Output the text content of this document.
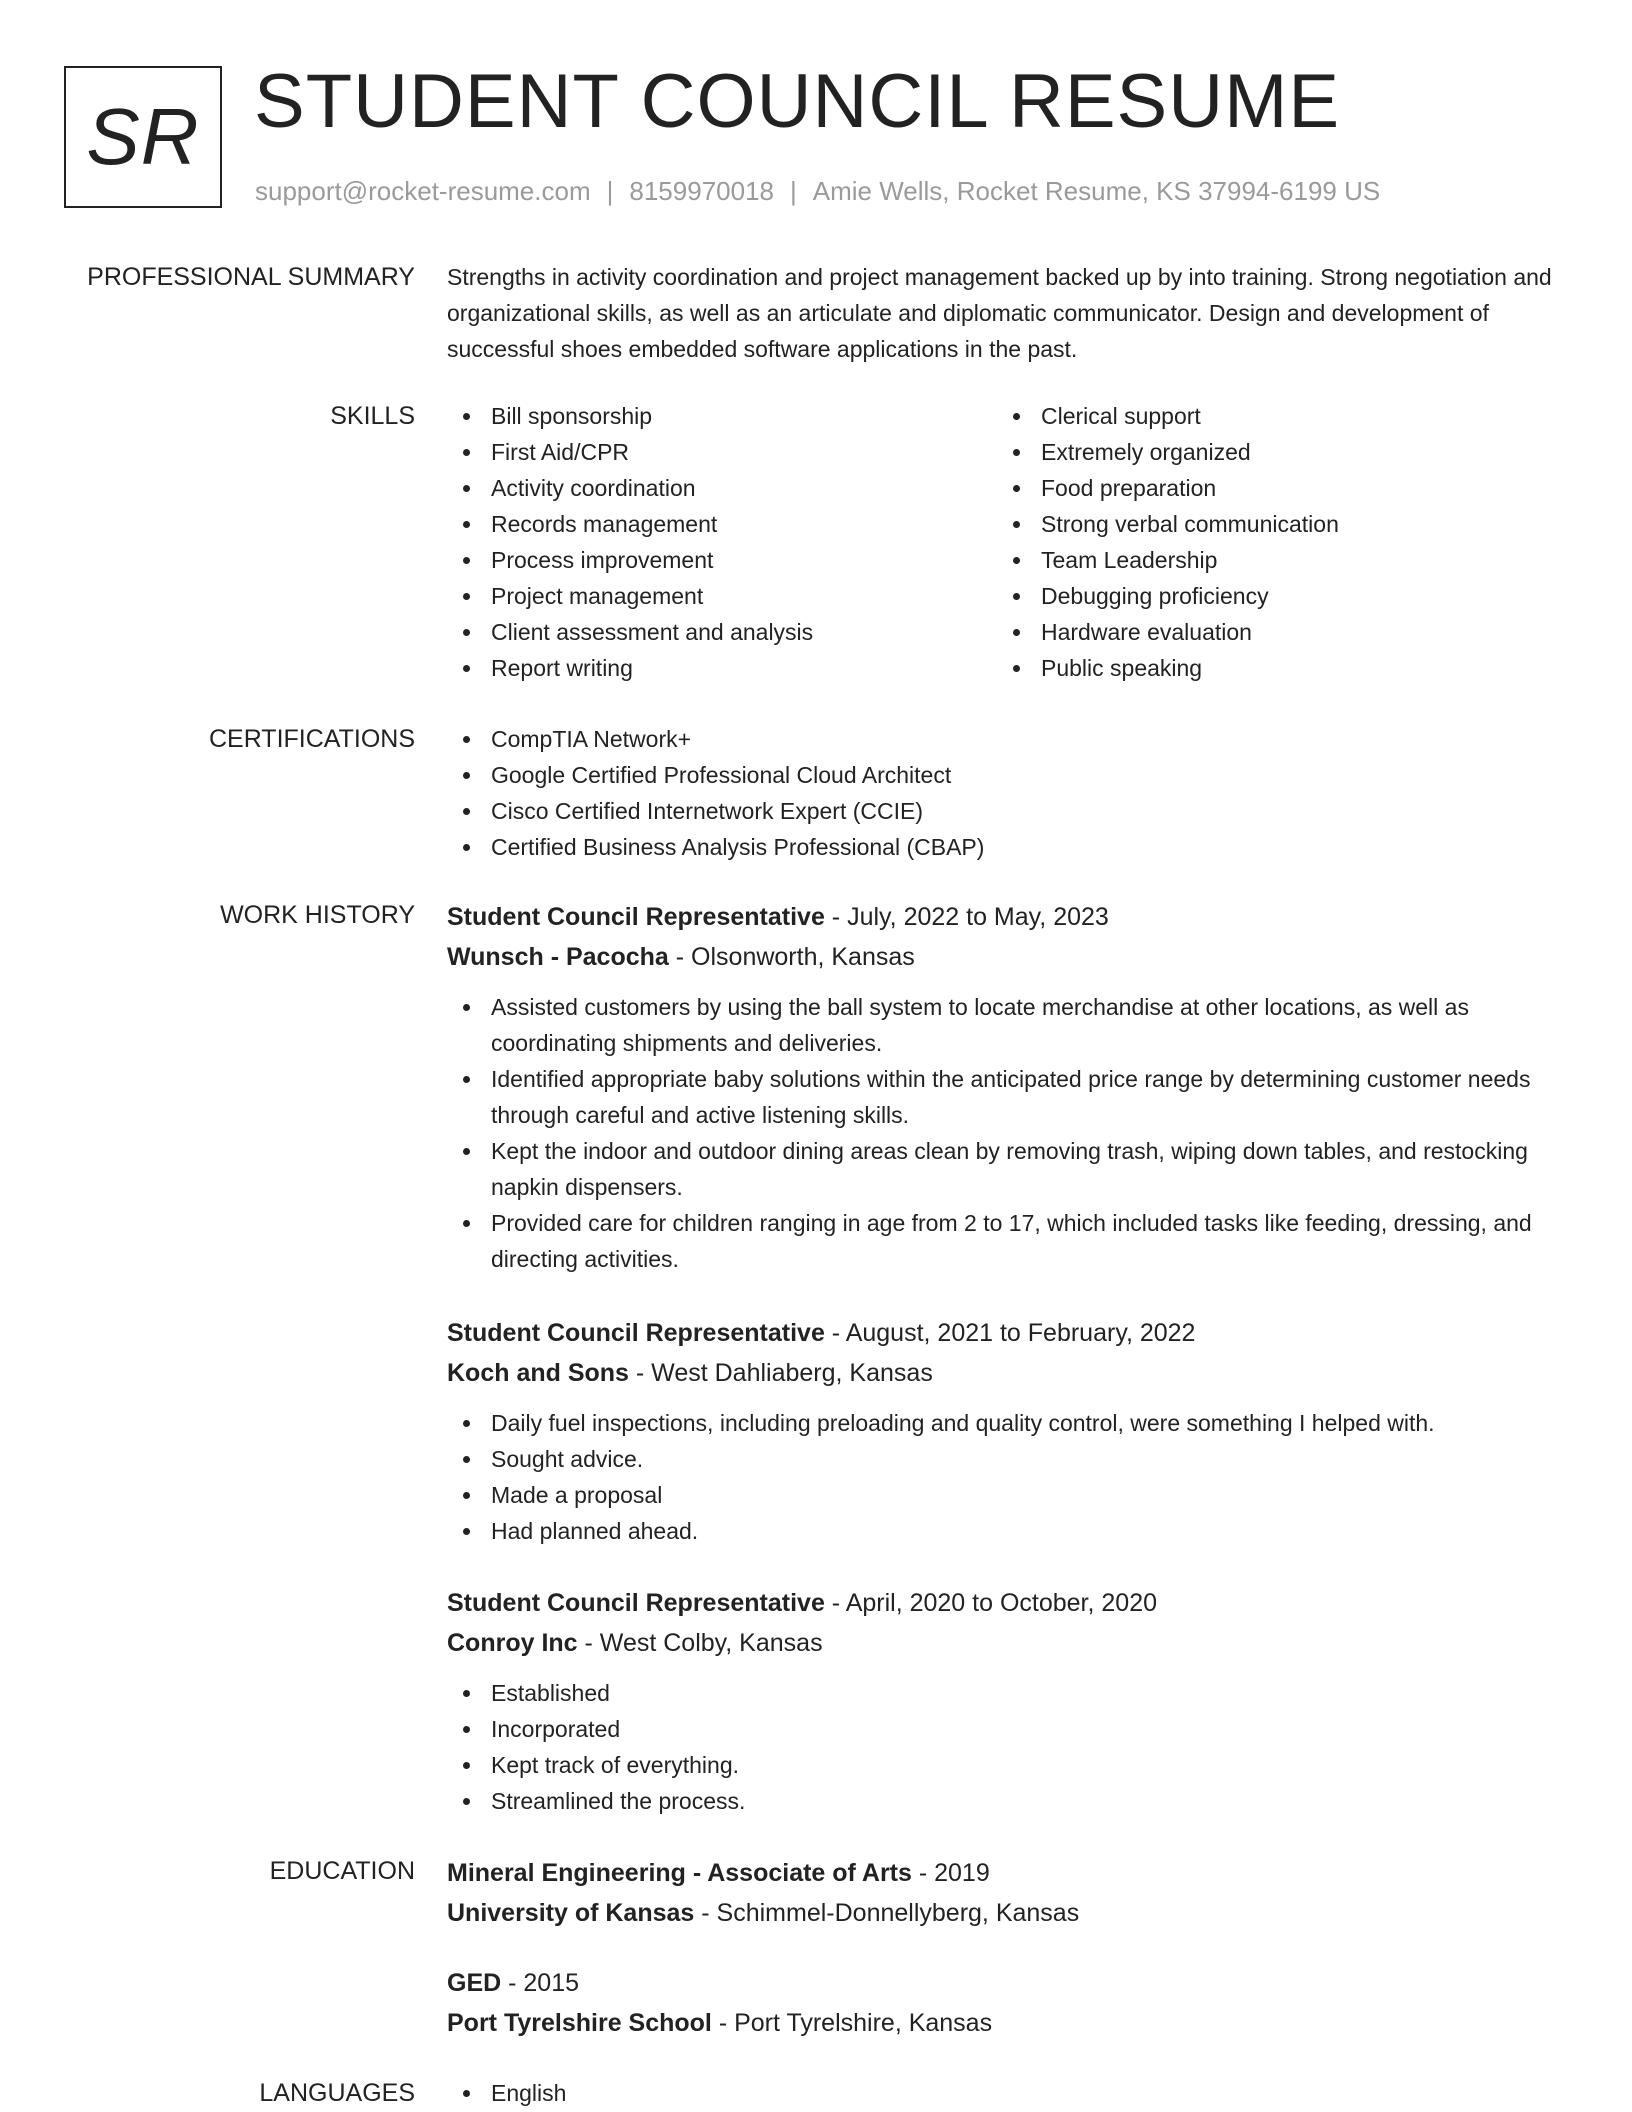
SR STUDENT COUNCIL RESUME
support@rocket-resume.com | 8159970018 | Amie Wells, Rocket Resume, KS 37994-6199 US
PROFESSIONAL SUMMARY Strengths in activity coordination and project management backed up by into training. Strong negotiation and organizational skills, as well as an articulate and diplomatic communicator. Design and development of successful shoes embedded software applications in the past.

SKILLS	Bill sponsorship
First Aid/CPR
Activity coordination
Records management
Process improvement
Project management
Client assessment and analysis
Report writing
Clerical support
Extremely organized
Food preparation
Strong verbal communication
Team Leadership
Debugging proficiency
Hardware evaluation
Public speaking
CERTIFICATIONS	CompTIA Network+
Google Certified Professional Cloud Architect
Cisco Certified Internetwork Expert (CCIE)
Certified Business Analysis Professional (CBAP)
WORK HISTORY Student Council Representative - July, 2022 to May, 2023
Wunsch - Pacocha - Olsonworth, Kansas
Assisted customers by using the ball system to locate merchandise at other locations, as well as coordinating shipments and deliveries.
Identified appropriate baby solutions within the anticipated price range by determining customer needs through careful and active listening skills.
Kept the indoor and outdoor dining areas clean by removing trash, wiping down tables, and restocking napkin dispensers.
Provided care for children ranging in age from 2 to 17, which included tasks like feeding, dressing, and directing activities.
Student Council Representative - August, 2021 to February, 2022
Koch and Sons - West Dahliaberg, Kansas
Daily fuel inspections, including preloading and quality control, were something I helped with.
Sought advice.
Made a proposal
Had planned ahead.
Student Council Representative - April, 2020 to October, 2020
Conroy Inc - West Colby, Kansas
Established
Incorporated
Kept track of everything.
Streamlined the process.
EDUCATION Mineral Engineering - Associate of Arts - 2019
University of Kansas - Schimmel-Donnellyberg, Kansas
GED - 2015
Port Tyrelshire School - Port Tyrelshire, Kansas
LANGUAGES	English
